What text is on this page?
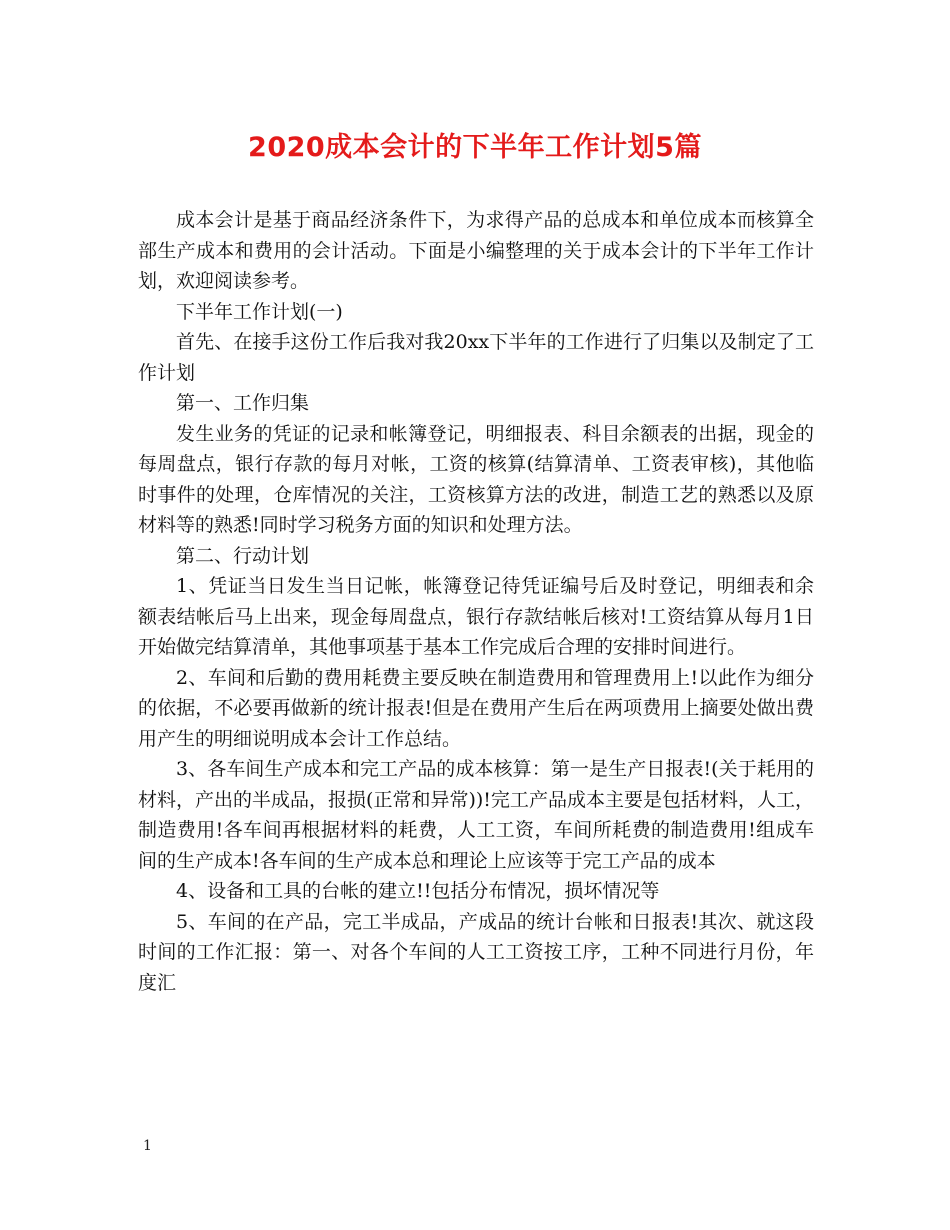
2020成本会计的下半年工作计划5篇

成本会计是基于商品经济条件下，为求得产品的总成本和单位成本而核算全部生产成本和费用的会计活动。下面是小编整理的关于成本会计的下半年工作计划，欢迎阅读参考。

下半年工作计划(一)

首先、在接手这份工作后我对我20xx下半年的工作进行了归集以及制定了工作计划

第一、工作归集

发生业务的凭证的记录和帐簿登记，明细报表、科目余额表的出据，现金的每周盘点，银行存款的每月对帐，工资的核算(结算清单、工资表审核)，其他临时事件的处理，仓库情况的关注，工资核算方法的改进，制造工艺的熟悉以及原材料等的熟悉!同时学习税务方面的知识和处理方法。

第二、行动计划

1、凭证当日发生当日记帐，帐簿登记待凭证编号后及时登记，明细表和余额表结帐后马上出来，现金每周盘点，银行存款结帐后核对!工资结算从每月1日开始做完结算清单，其他事项基于基本工作完成后合理的安排时间进行。

2、车间和后勤的费用耗费主要反映在制造费用和管理费用上!以此作为细分的依据，不必要再做新的统计报表!但是在费用产生后在两项费用上摘要处做出费用产生的明细说明成本会计工作总结。

3、各车间生产成本和完工产品的成本核算：第一是生产日报表!(关于耗用的材料，产出的半成品，报损(正常和异常))!完工产品成本主要是包括材料，人工，制造费用!各车间再根据材料的耗费，人工工资，车间所耗费的制造费用!组成车间的生产成本!各车间的生产成本总和理论上应该等于完工产品的成本

4、设备和工具的台帐的建立!!包括分布情况，损坏情况等

5、车间的在产品，完工半成品，产成品的统计台帐和日报表!其次、就这段时间的工作汇报：第一、对各个车间的人工工资按工序，工种不同进行月份，年度汇

1
